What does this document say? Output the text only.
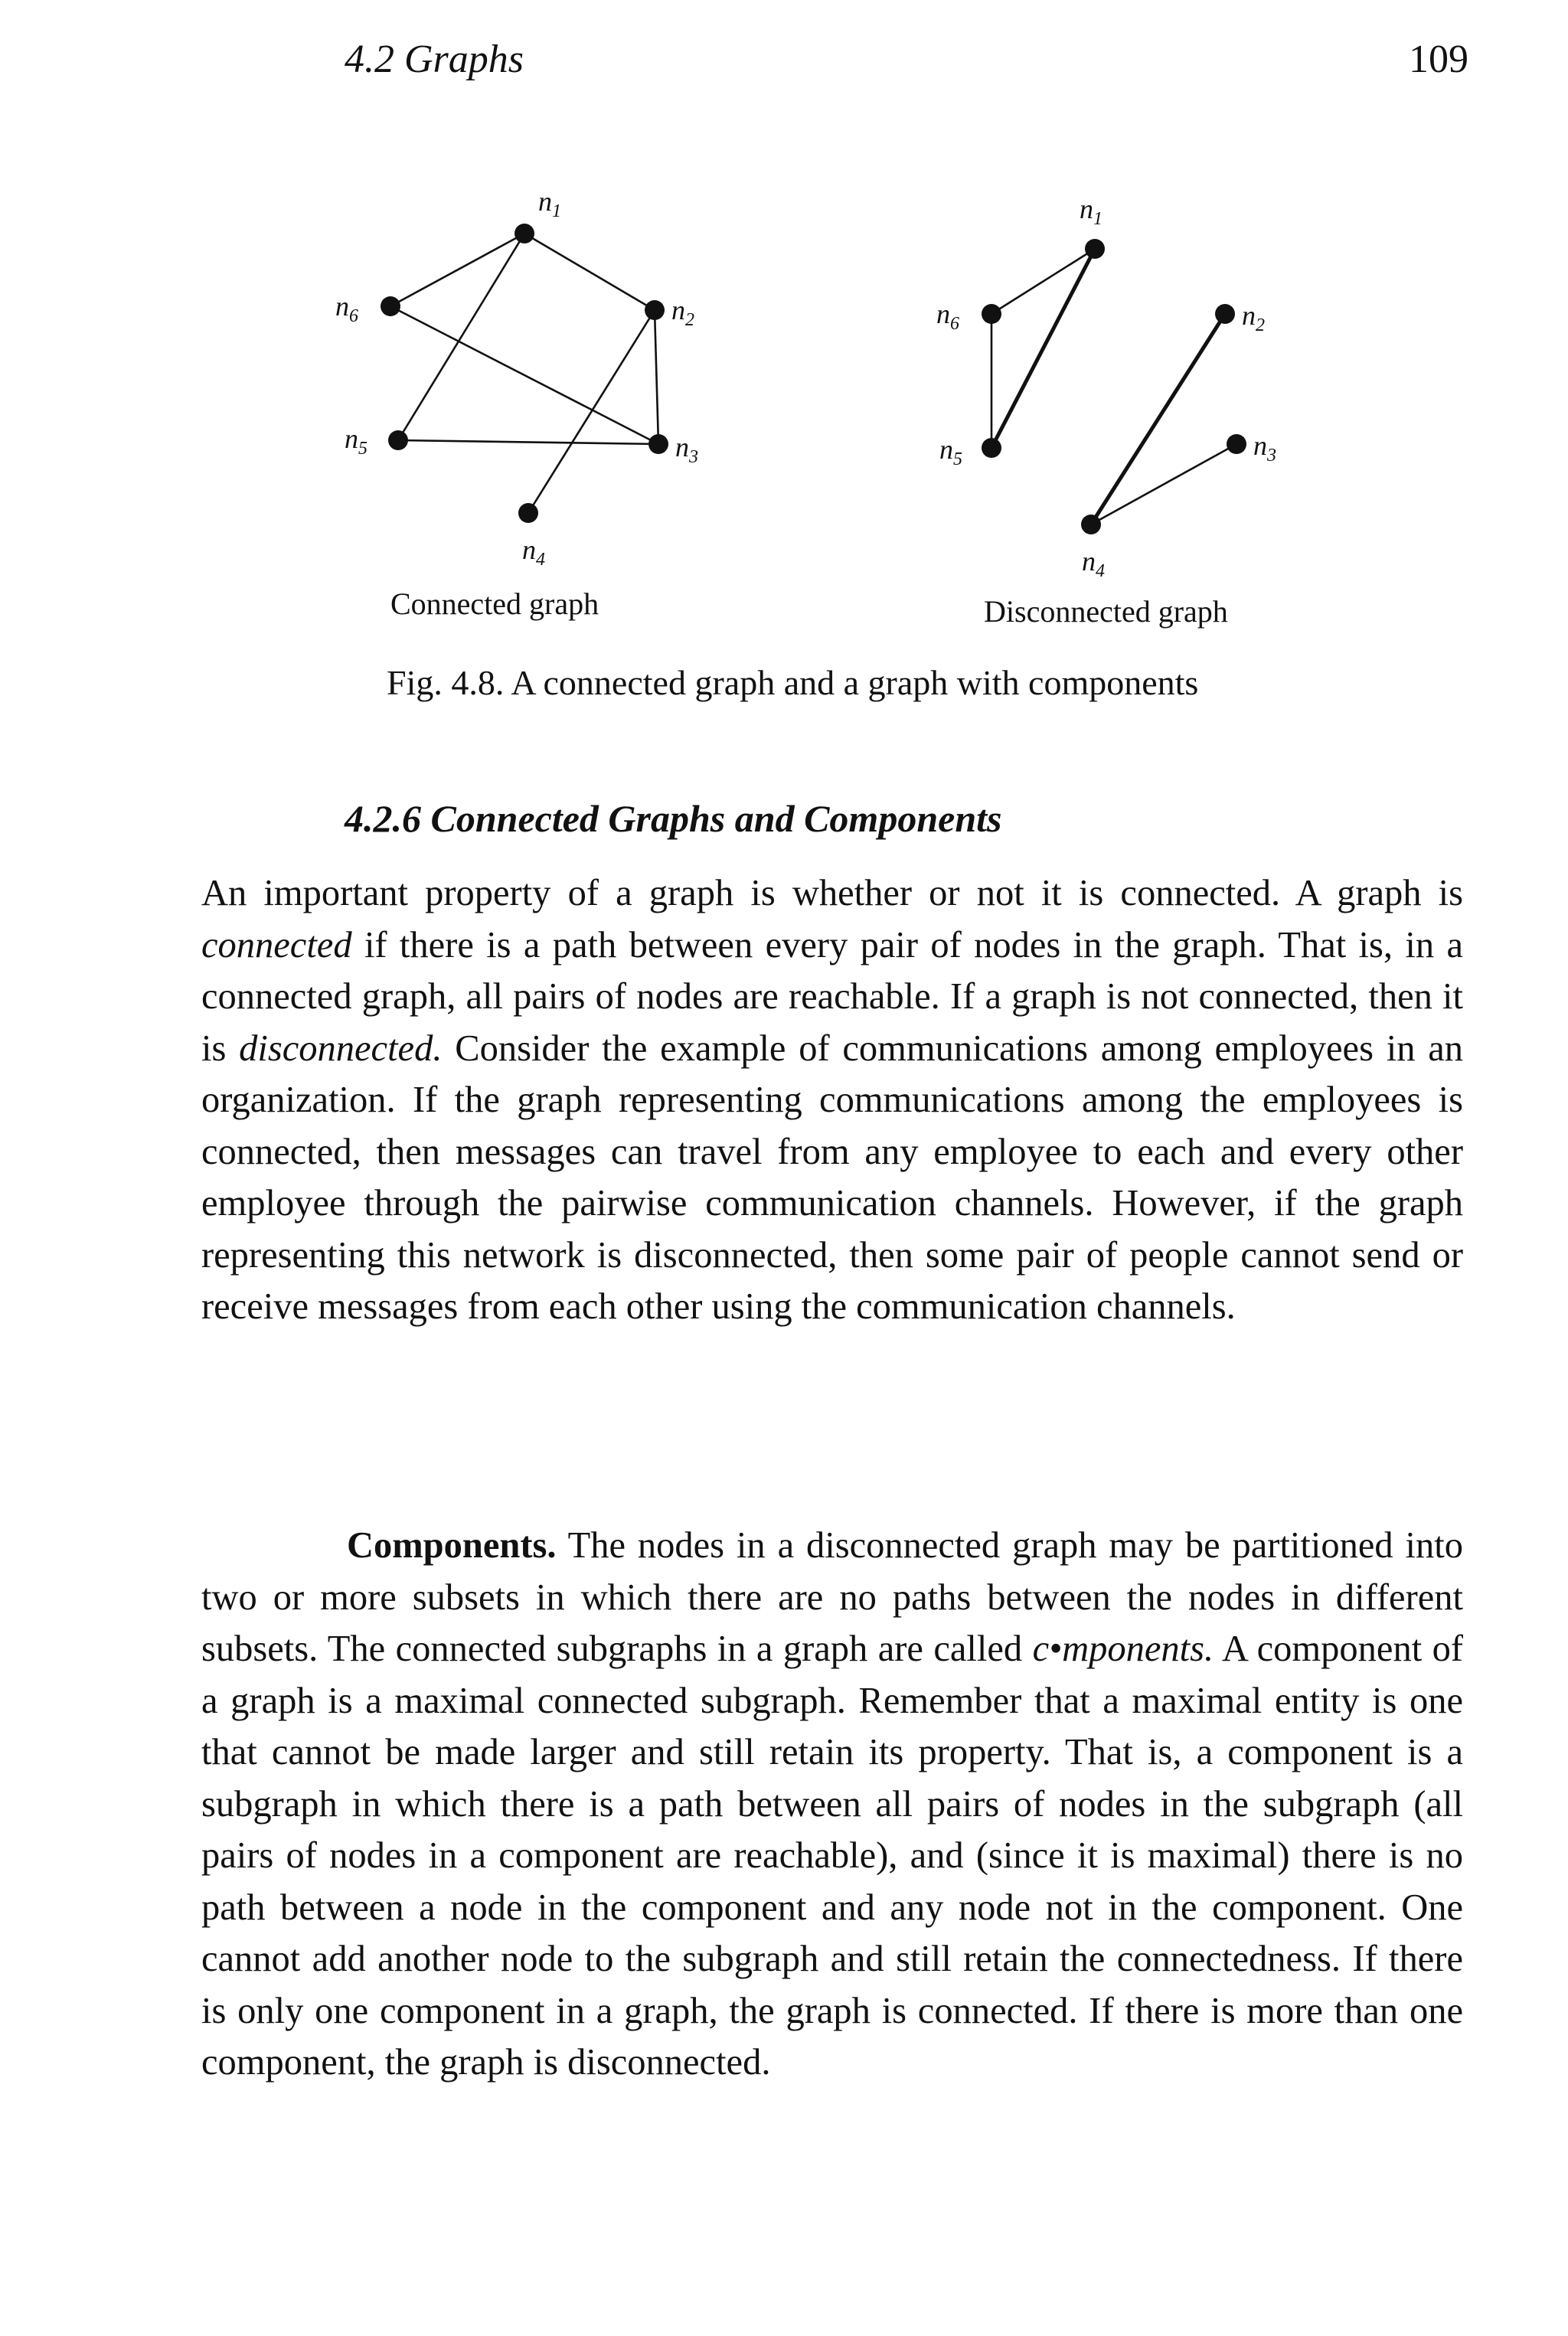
4.2 Graphs	109
$n_1$
$n_2$
$n_3$
$n_4$
$n_5$
$n_6$
$n_1$
$n_2$
$n_3$
$n_4$
$n_5$
$n_6$
Connected graph	Disconnected graph
Fig. 4.8. A connected graph and a graph with components
4.2.6 Connected Graphs and Components

An important property of a graph is whether or not it is connected. A graph is connected if there is a path between every pair of nodes in the graph. That is, in a connected graph, all pairs of nodes are reachable. If a graph is not connected, then it is disconnected. Consider the example of communications among employees in an organization. If the graph representing communications among the employees is connected, then messages can travel from any employee to each and every other employee through the pairwise communication channels. However, if the graph representing this network is disconnected, then some pair of people cannot send or receive messages from each other using the communication channels.

Components. The nodes in a disconnected graph may be partitioned into two or more subsets in which there are no paths between the nodes in different subsets. The connected subgraphs in a graph are called c•mponents. A component of a graph is a maximal connected subgraph. Remember that a maximal entity is one that cannot be made larger and still retain its property. That is, a component is a subgraph in which there is a path between all pairs of nodes in the subgraph (all pairs of nodes in a component are reachable), and (since it is maximal) there is no path between a node in the component and any node not in the component. One cannot add another node to the subgraph and still retain the connectedness. If there is only one component in a graph, the graph is connected. If there is more than one component, the graph is disconnected.
